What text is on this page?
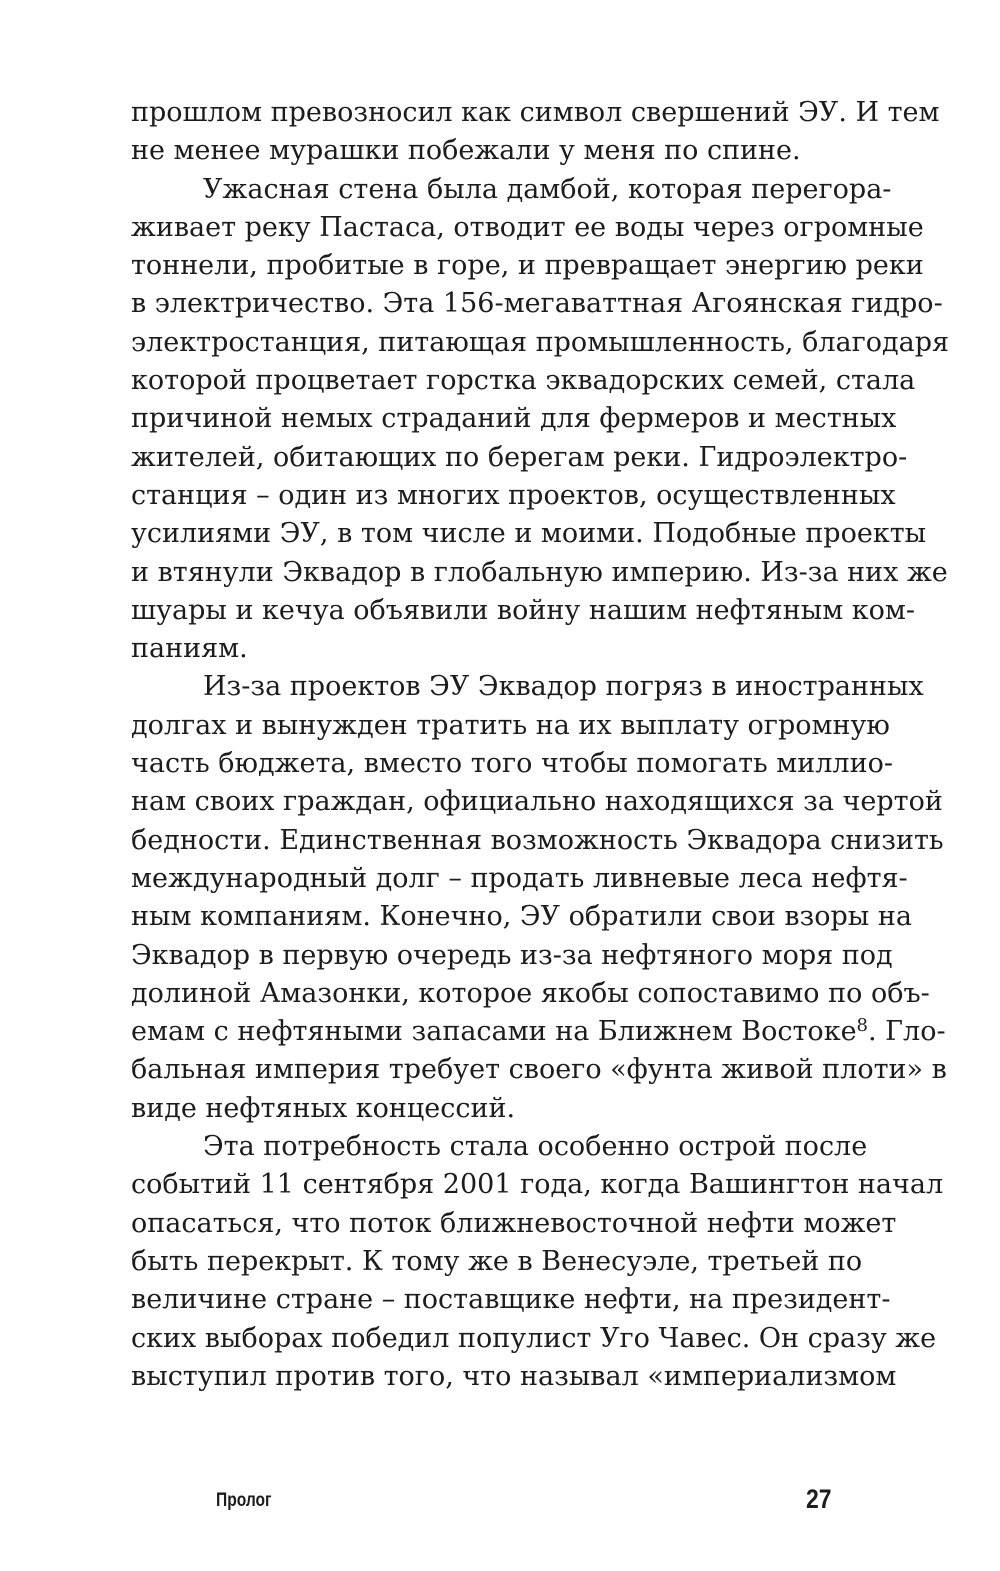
прошлом превозносил как символ свершений ЭУ. И тем
не менее мурашки побежали у меня по спине.
Ужасная стена была дамбой, которая перегора-
живает реку Пастаса, отводит ее воды через огромные
тоннели, пробитые в горе, и превращает энергию реки
в электричество. Эта 156-мегаваттная Агоянская гидро-
электростанция, питающая промышленность, благодаря
которой процветает горстка эквадорских семей, стала
причиной немых страданий для фермеров и местных
жителей, обитающих по берегам реки. Гидроэлектро-
станция – один из многих проектов, осуществленных
усилиями ЭУ, в том числе и моими. Подобные проекты
и втянули Эквадор в глобальную империю. Из-за них же
шуары и кечуа объявили войну нашим нефтяным ком-
паниям.
Из-за проектов ЭУ Эквадор погряз в иностранных
долгах и вынужден тратить на их выплату огромную
часть бюджета, вместо того чтобы помогать миллио-
нам своих граждан, официально находящихся за чертой
бедности. Единственная возможность Эквадора снизить
международный долг – продать ливневые леса нефтя-
ным компаниям. Конечно, ЭУ обратили свои взоры на
Эквадор в первую очередь из-за нефтяного моря под
долиной Амазонки, которое якобы сопоставимо по объ-
емам с нефтяными запасами на Ближнем Востоке$^8$. Гло-
бальная империя требует своего «фунта живой плоти» в
виде нефтяных концессий.
Эта потребность стала особенно острой после
событий 11 сентября 2001 года, когда Вашингтон начал
опасаться, что поток ближневосточной нефти может
быть перекрыт. К тому же в Венесуэле, третьей по
величине стране – поставщике нефти, на президент-
ских выборах победил популист Уго Чавес. Он сразу же
выступил против того, что называл «империализмом
Пролог	27
